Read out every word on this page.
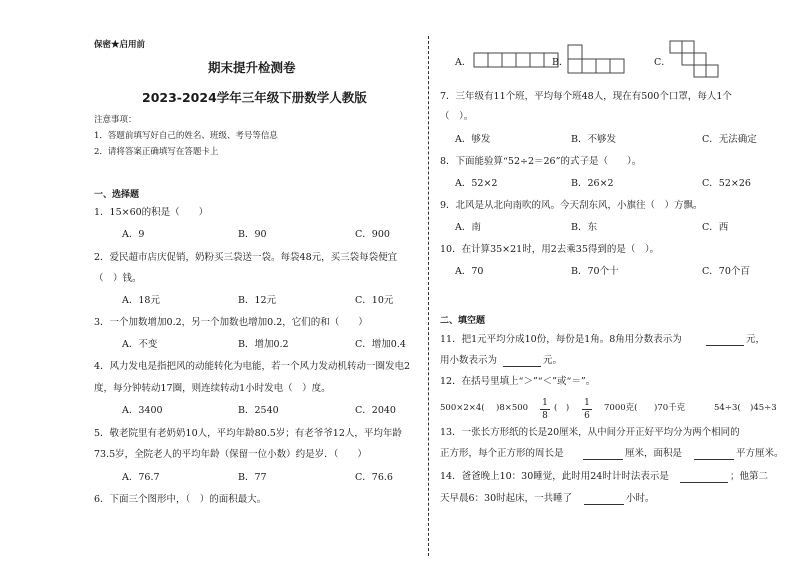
保密★启用前
期末提升检测卷
2023-2024学年三年级下册数学人教版
注意事项：
1．答题前填写好自己的姓名、班级、考号等信息
2．请将答案正确填写在答题卡上
一、选择题
1．15×60的积是（　　）
A．9	B．90	C．900
2．爱民超市店庆促销，奶粉买三袋送一袋。每袋48元，买三袋每袋便宜
（　）钱。
A．18元	B．12元	C．10元
3．一个加数增加0.2，另一个加数也增加0.2，它们的和（　　）
A．不变	B．增加0.2	C．增加0.4
4．风力发电是指把风的动能转化为电能，若一个风力发动机转动一圈发电2
度，每分钟转动17圈，则连续转动1小时发电（　）度。
A．3400	B．2540	C．2040
5．敬老院里有老奶奶10人，平均年龄80.5岁；有老爷爷12人，平均年龄
73.5岁，全院老人的平均年龄（保留一位小数）约是岁．（　　）
A．76.7	B．77	C．76.6
6．下面三个图形中，（　）的面积最大。
A．	B．	C．
7．三年级有11个班，平均每个班48人，现在有500个口罩，每人1个
（　）。
A．够发	B．不够发	C．无法确定
8．下面能验算“52÷2＝26”的式子是（　　）。
A．52×2	B．26×2	C．52×26
9．北风是从北向南吹的风。今天刮东风，小旗往（　）方飘。
A．南	B．东	C．西
10．在计算35×21时，用2去乘35得到的是（　）。
A．70	B．70个十	C．70个百
二、填空题
11．把1元平均分成10份，每份是1角。8角用分数表示为	元，
用小数表示为	元。
12．在括号里填上“＞”“＜”或“＝”。
500×2×4( )8×500 1
8
(　) 1
6
7000克( )70千克	54÷3( )45÷3
13．一张长方形纸的长是20厘米，从中间分开正好平均分为两个相同的
正方形，每个正方形的周长是	厘米，面积是	平方厘米。
14．爸爸晚上10：30睡觉，此时用24时计时法表示是	；他第二
天早晨6：30时起床，一共睡了	小时。
